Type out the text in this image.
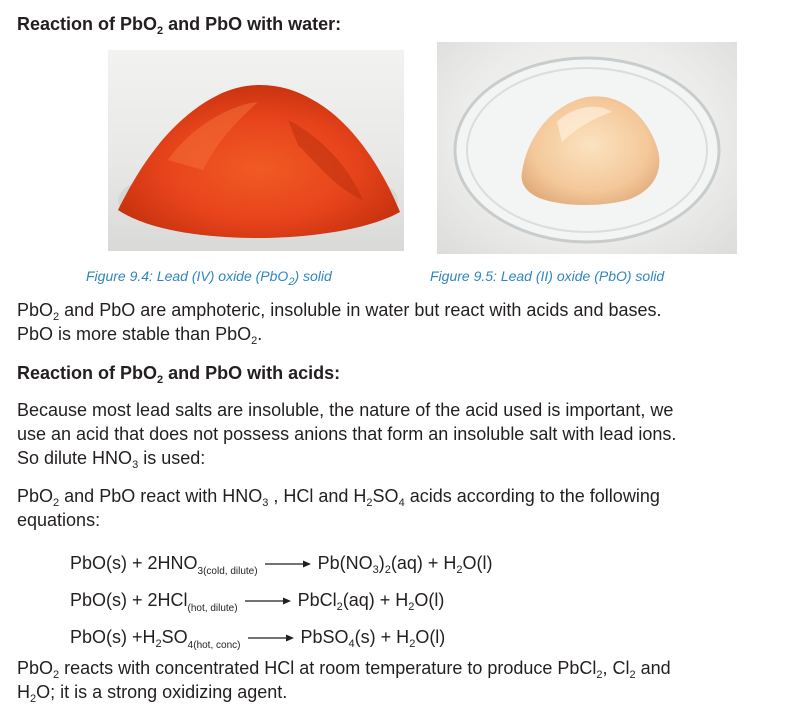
Reaction of PbO$_2$ and PbO with water:
Figure 9.4: Lead (IV) oxide (PbO$_2$) solid	Figure 9.5: Lead (II) oxide (PbO) solid
PbO$_2$ and PbO are amphoteric, insoluble in water but react with acids and bases.
PbO is more stable than PbO$_2$.
Reaction of PbO$_2$ and PbO with acids:
Because most lead salts are insoluble, the nature of the acid used is important, we
use an acid that does not possess anions that form an insoluble salt with lead ions.
So dilute $HNO_3$ is used:
PbO$_2$ and PbO react with $HNO_3$ , HCl and $H_2SO_4$ acids according to the following
equations:
$PbO(s) + 2HNO_{3(cold, dilute)} \to Pb(NO_3)_2(aq) + H_2O(l)$
PbO(s) + 2HCl$_{(hot, dilute)}$ → PbCl$_2$(aq) + $H_2O(l)$
$PbO(s) +H_2SO_{4(hot, conc)}$ → PbSO$_4$(s) + $H_2O(l)$
PbO$_2$ reacts with concentrated HCl at room temperature to produce PbCl$_2$, $Cl_2$ and
$H_2O$; it is a strong oxidizing agent.
